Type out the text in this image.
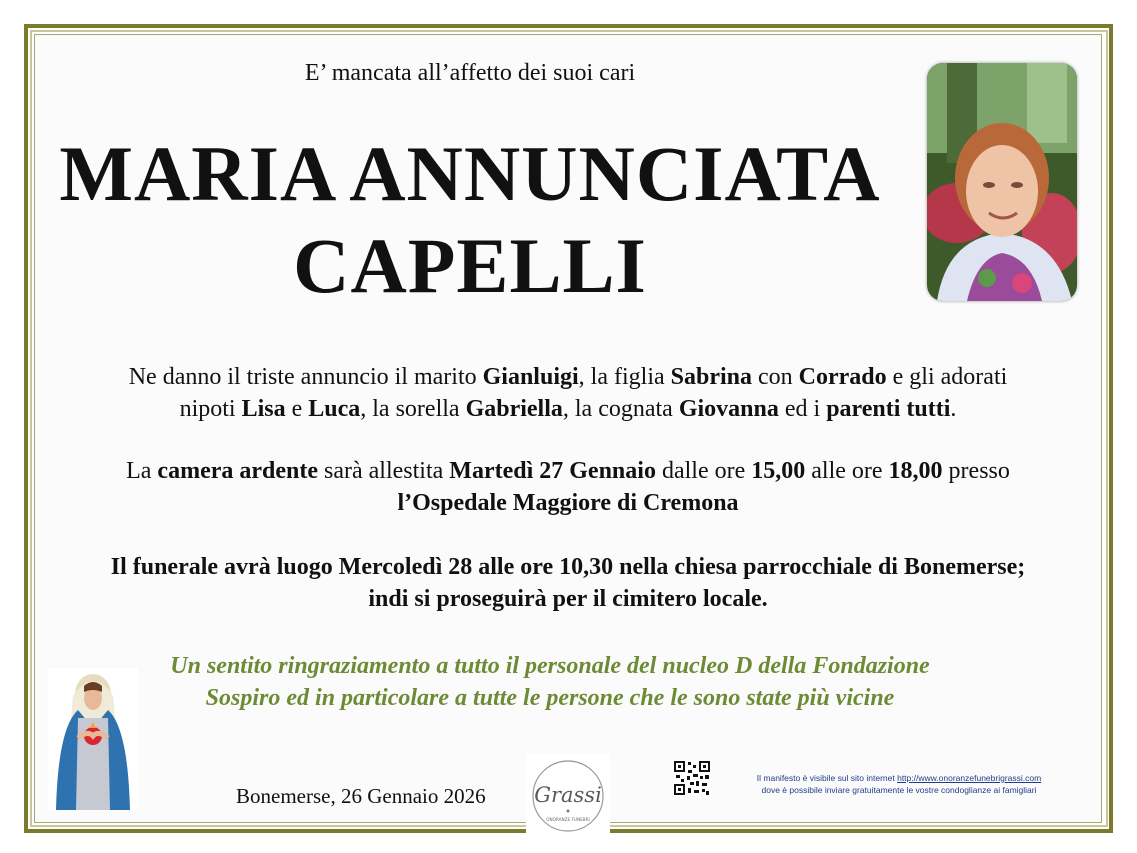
E’ mancata all’affetto dei suoi cari
MARIA ANNUNCIATA
CAPELLI
Ne danno il triste annuncio il marito Gianluigi, la figlia Sabrina con Corrado e gli adorati
nipoti Lisa e Luca, la sorella Gabriella, la cognata Giovanna ed i parenti tutti.
La camera ardente sarà allestita Martedì 27 Gennaio dalle ore 15,00 alle ore 18,00 presso
l’Ospedale Maggiore di Cremona
Il funerale avrà luogo Mercoledì 28 alle ore 10,30 nella chiesa parrocchiale di Bonemerse;
indi si proseguirà per il cimitero locale.
Un sentito ringraziamento a tutto il personale del nucleo D della Fondazione
Sospiro ed in particolare a tutte le persone che le sono state più vicine
Bonemerse, 26 Gennaio 2026 Grassi
ONORANZE FUNEBRI
Il manifesto è visibile sul sito internet http://www.onoranzefunebrigrassi.com
dove è possibile inviare gratuitamente le vostre condoglianze ai famigliari
